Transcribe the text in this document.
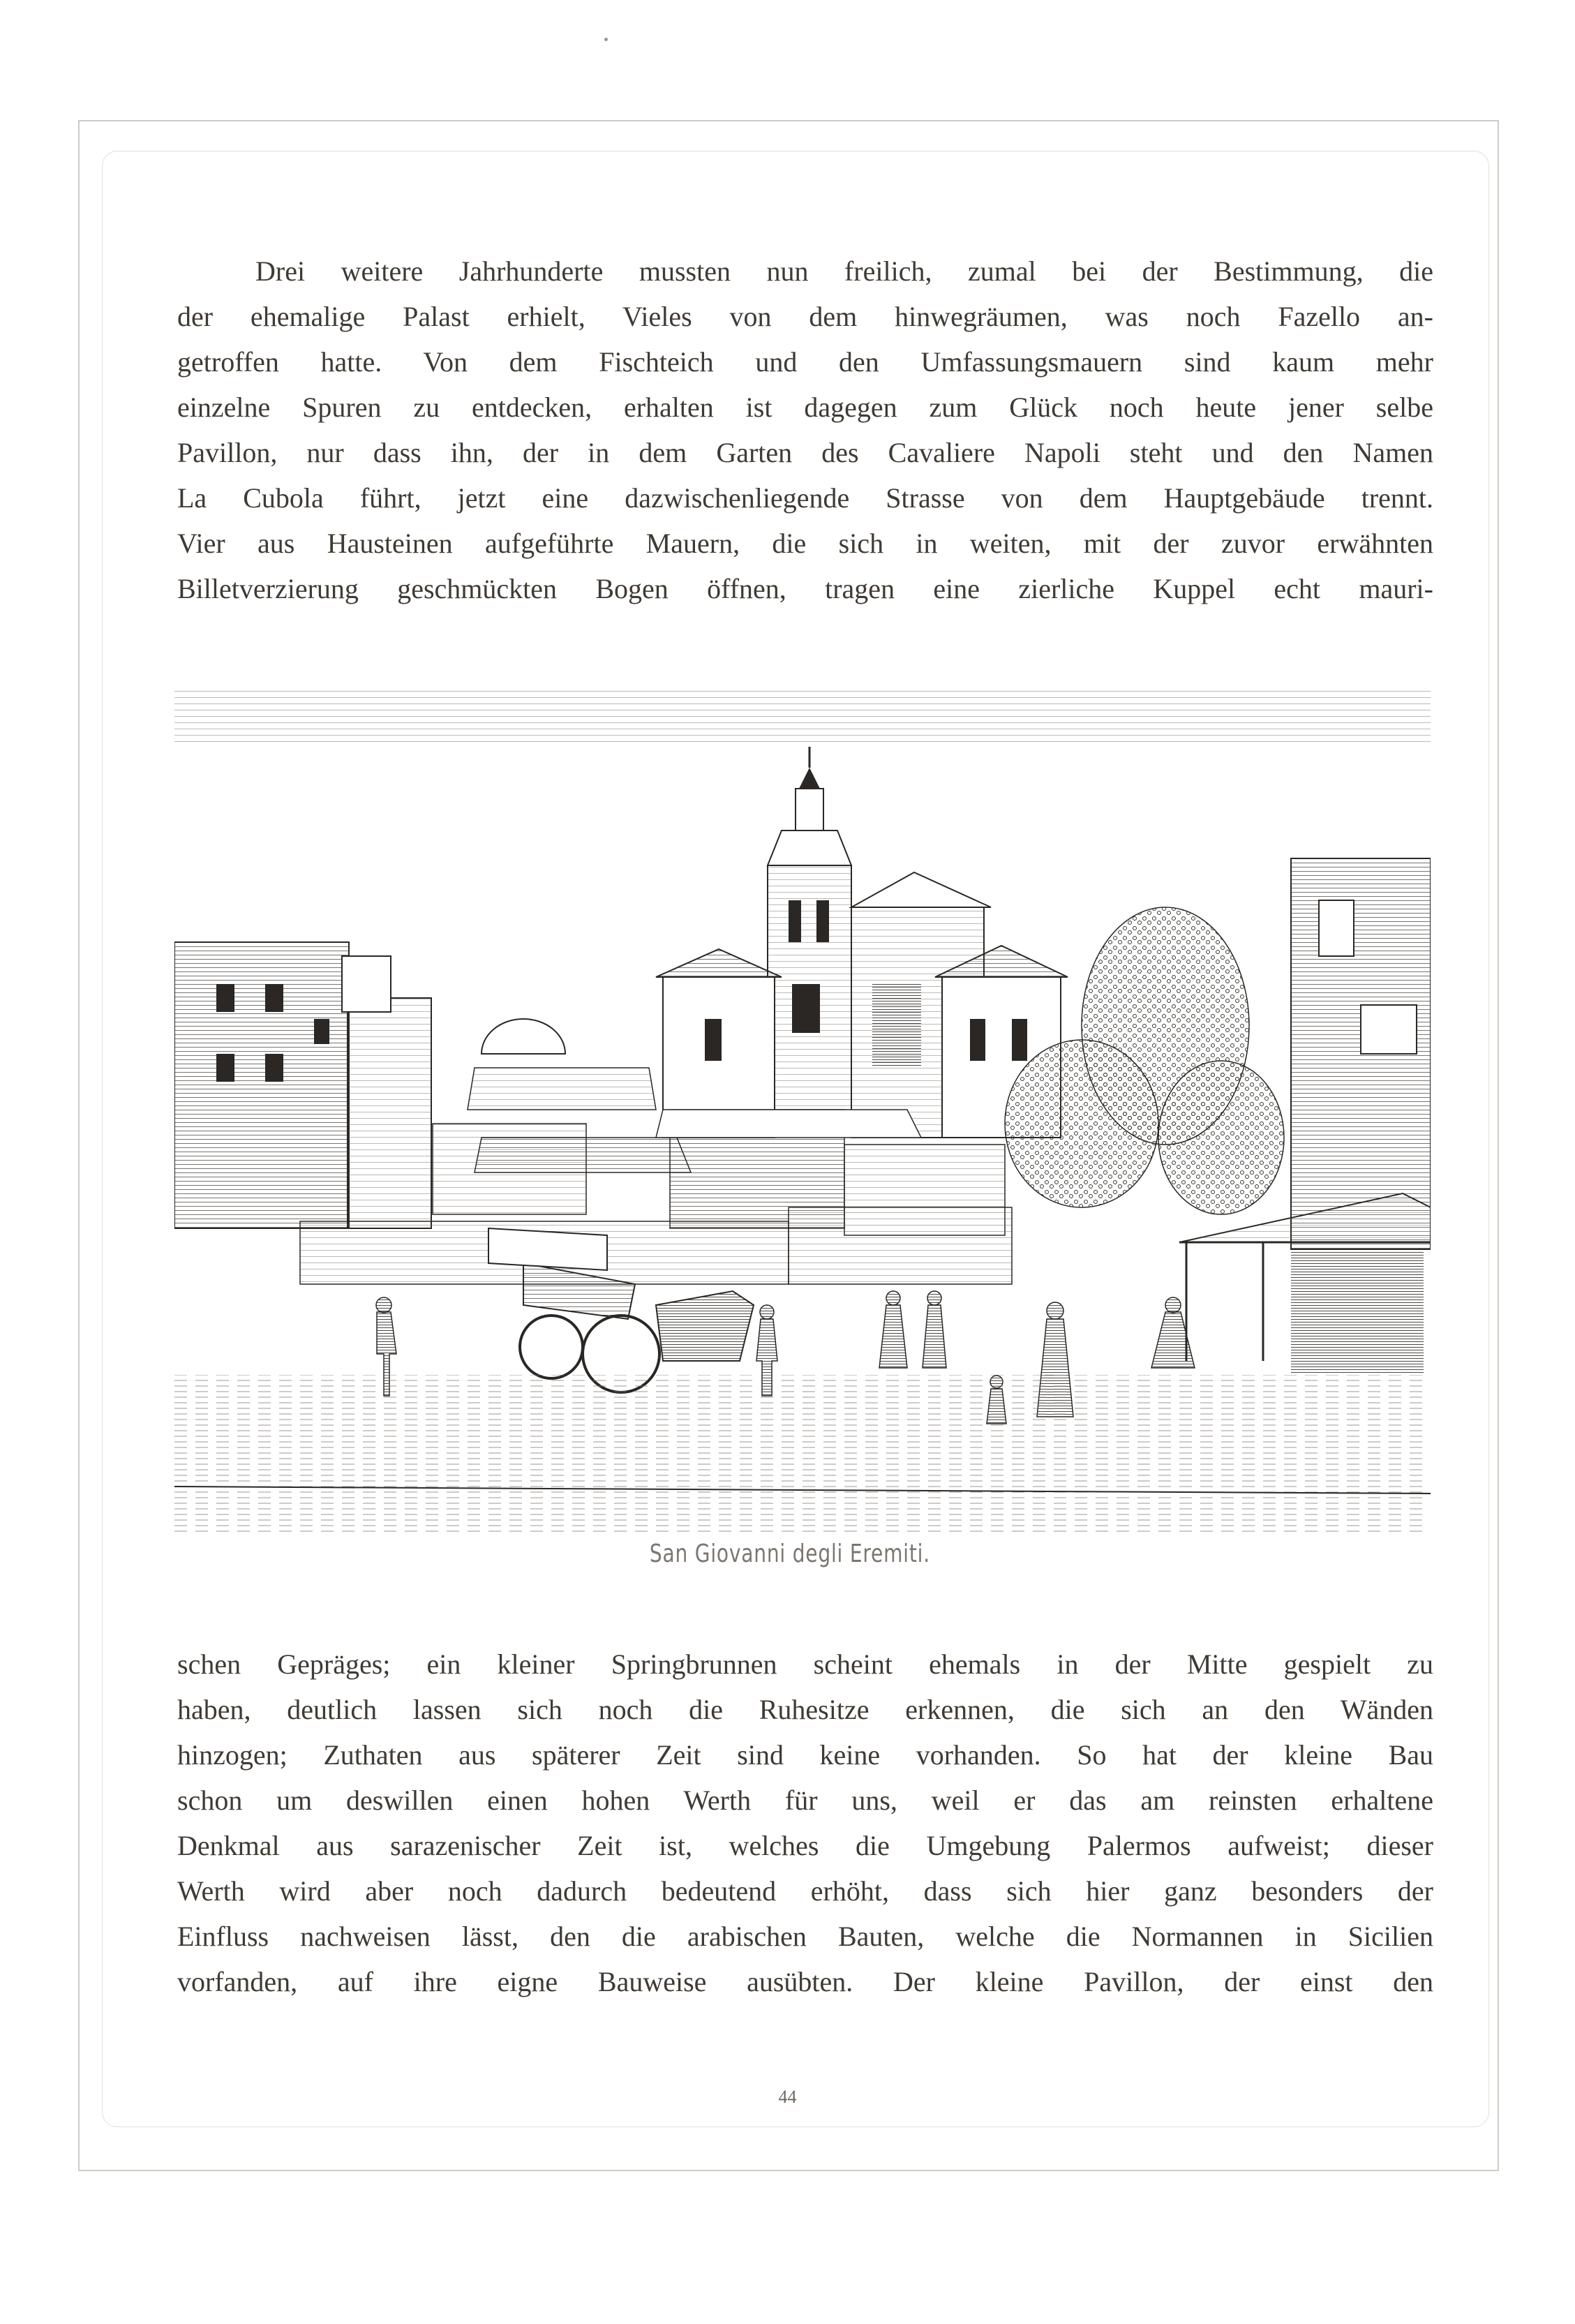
Drei weitere Jahrhunderte mussten nun freilich, zumal bei der Bestimmung, die
der ehemalige Palast erhielt, Vieles von dem hinwegräumen, was noch Fazello an-
getroffen hatte. Von dem Fischteich und den Umfassungsmauern sind kaum mehr
einzelne Spuren zu entdecken, erhalten ist dagegen zum Glück noch heute jener selbe
Pavillon, nur dass ihn, der in dem Garten des Cavaliere Napoli steht und den Namen
La Cubola führt, jetzt eine dazwischenliegende Strasse von dem Hauptgebäude trennt.
Vier aus Hausteinen aufgeführte Mauern, die sich in weiten, mit der zuvor erwähnten
Billetverzierung geschmückten Bogen öffnen, tragen eine zierliche Kuppel echt mauri-
San Giovanni degli Eremiti.
schen Gepräges; ein kleiner Springbrunnen scheint ehemals in der Mitte gespielt zu
haben, deutlich lassen sich noch die Ruhesitze erkennen, die sich an den Wänden
hinzogen; Zuthaten aus späterer Zeit sind keine vorhanden. So hat der kleine Bau
schon um deswillen einen hohen Werth für uns, weil er das am reinsten erhaltene
Denkmal aus sarazenischer Zeit ist, welches die Umgebung Palermos aufweist; dieser
Werth wird aber noch dadurch bedeutend erhöht, dass sich hier ganz besonders der
Einfluss nachweisen lässt, den die arabischen Bauten, welche die Normannen in Sicilien
vorfanden, auf ihre eigne Bauweise ausübten. Der kleine Pavillon, der einst den
44
